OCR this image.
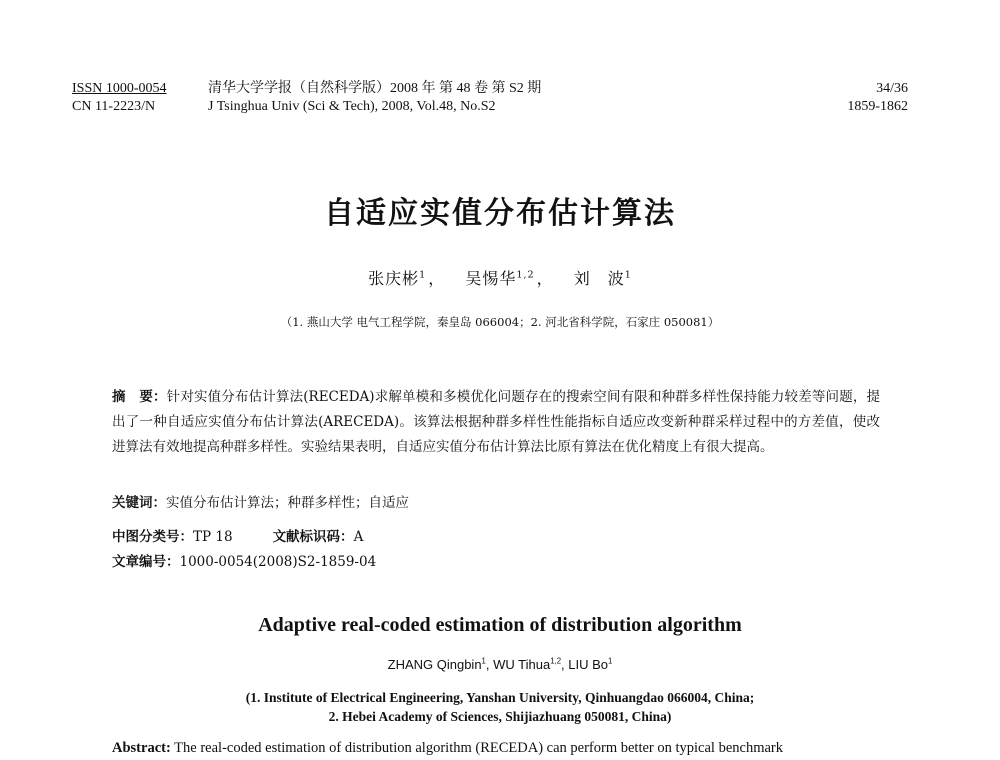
ISSN 1000-0054
CN 11-2223/N
清华大学学报（自然科学版）2008 年 第 48 卷 第 S2 期
J Tsinghua Univ (Sci & Tech), 2008, Vol.48, No.S2
34/36
1859-1862
自适应实值分布估计算法
张庆彬$^1$ ， 吴惕华$^{1,2}$ ， 刘　波$^1$
（1. 燕山大学 电气工程学院，秦皇岛 066004；2. 河北省科学院，石家庄 050081）
摘　要：针对实值分布估计算法(RECEDA)求解单模和多模优化问题存在的搜索空间有限和种群多样性保持能力较差等问题，提出了一种自适应实值分布估计算法(ARECEDA)。该算法根据种群多样性性能指标自适应改变新种群采样过程中的方差值，使改进算法有效地提高种群多样性。实验结果表明，自适应实值分布估计算法比原有算法在优化精度上有很大提高。
关键词：实值分布估计算法；种群多样性；自适应
中图分类号：TP 18	文献标识码：A
文章编号：1000-0054(2008)S2-1859-04
Adaptive real-coded estimation of distribution algorithm
ZHANG Qingbin$^1$, WU Tihua$^{1,2}$, LIU Bo$^1$
(1. Institute of Electrical Engineering, Yanshan University, Qinhuangdao 066004, China;
2. Hebei Academy of Sciences, Shijiazhuang 050081, China)
Abstract: The real-coded estimation of distribution algorithm (RECEDA) can perform better on typical benchmark
